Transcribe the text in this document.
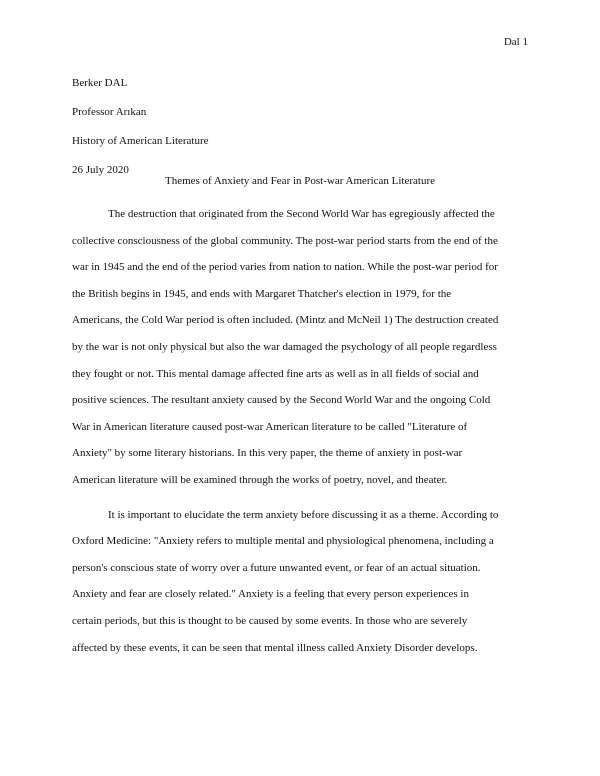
Dal 1
Berker DAL
Professor Arıkan
History of American Literature
26 July 2020
Themes of Anxiety and Fear in Post-war American Literature
The destruction that originated from the Second World War has egregiously affected the
collective consciousness of the global community. The post-war period starts from the end of the
war in 1945 and the end of the period varies from nation to nation. While the post-war period for
the British begins in 1945, and ends with Margaret Thatcher's election in 1979, for the
Americans, the Cold War period is often included. (Mintz and McNeil 1) The destruction created
by the war is not only physical but also the war damaged the psychology of all people regardless
they fought or not. This mental damage affected fine arts as well as in all fields of social and
positive sciences. The resultant anxiety caused by the Second World War and the ongoing Cold
War in American literature caused post-war American literature to be called "Literature of
Anxiety" by some literary historians. In this very paper, the theme of anxiety in post-war
American literature will be examined through the works of poetry, novel, and theater.
It is important to elucidate the term anxiety before discussing it as a theme. According to
Oxford Medicine: "Anxiety refers to multiple mental and physiological phenomena, including a
person's conscious state of worry over a future unwanted event, or fear of an actual situation.
Anxiety and fear are closely related." Anxiety is a feeling that every person experiences in
certain periods, but this is thought to be caused by some events. In those who are severely
affected by these events, it can be seen that mental illness called Anxiety Disorder develops.
